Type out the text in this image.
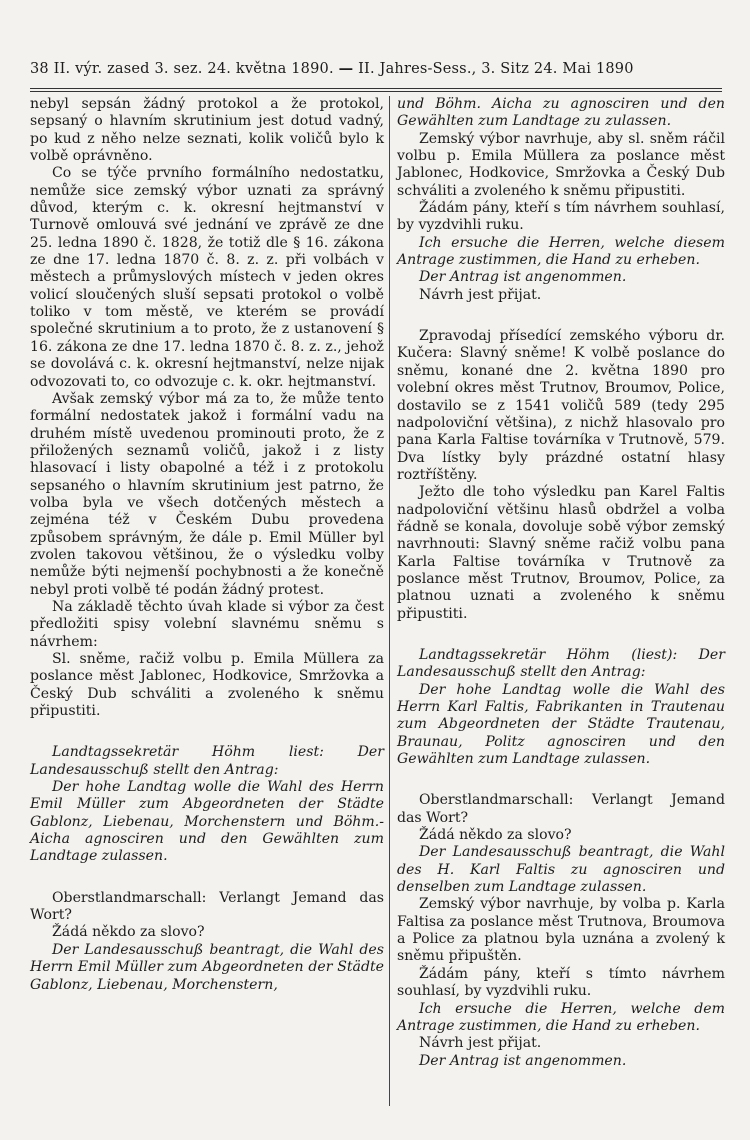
38 II. výr. zased 3. sez. 24. května 1890. — II. Jahres-Sess., 3. Sitz 24. Mai 1890

nebyl sepsán žádný protokol a že protokol, sepsaný o hlavním skrutinium jest dotud vadný, po kud z něho nelze seznati, kolik voličů bylo k volbě oprávněno.

Co se týče prvního formálního nedostatku, nemůže sice zemský výbor uznati za správný důvod, kterým c. k. okresní hejtmanství v Turnově omlouvá své jednání ve zprávě ze dne 25. ledna 1890 č. 1828, že totiž dle § 16. zákona ze dne 17. ledna 1870 č. 8. z. z. při volbách v městech a průmyslových místech v jeden okres volicí sloučených sluší sepsati protokol o volbě toliko v tom městě, ve kterém se provádí společné skrutinium a to proto, že z ustanovení § 16. zákona ze dne 17. ledna 1870 č. 8. z. z., jehož se dovolává c. k. okresní hejtmanství, nelze nijak odvozovati to, co odvozuje c. k. okr. hejtmanství.

Avšak zemský výbor má za to, že může tento formální nedostatek jakož i formální vadu na druhém místě uvedenou prominouti proto, že z přiložených seznamů voličů, jakož i z listy hlasovací i listy obapolné a též i z protokolu sepsaného o hlavním skrutinium jest patrno, že volba byla ve všech dotčených městech a zejména též v Českém Dubu provedena způsobem správným, že dále p. Emil Müller byl zvolen takovou většinou, že o výsledku volby nemůže býti nejmenší pochybnosti a že konečně nebyl proti volbě té podán žádný protest.

Na základě těchto úvah klade si výbor za čest předložiti spisy volební slavnému sněmu s návrhem:

Sl. sněme, račiž volbu p. Emila Müllera za poslance měst Jablonec, Hodkovice, Smržovka a Český Dub schváliti a zvoleného k sněmu připustiti.

Landtagssekretär Höhm liest: Der Landesausschuß stellt den Antrag:

Der hohe Landtag wolle die Wahl des Herrn Emil Müller zum Abgeordneten der Städte Gablonz, Liebenau, Morchenstern und Böhm.-Aicha agnosciren und den Gewählten zum Landtage zulassen.

Oberstlandmarschall: Verlangt Jemand das Wort?

Žádá někdo za slovo?

Der Landesausschuß beantragt, die Wahl des Herrn Emil Müller zum Abgeordneten der Städte Gablonz, Liebenau, Morchenstern,

und Böhm. Aicha zu agnosciren und den Gewählten zum Landtage zu zulassen.

Zemský výbor navrhuje, aby sl. sněm ráčil volbu p. Emila Müllera za poslance měst Jablonec, Hodkovice, Smržovka a Český Dub schváliti a zvoleného k sněmu připustiti.

Žádám pány, kteří s tím návrhem souhlasí, by vyzdvihli ruku.

Ich ersuche die Herren, welche diesem Antrage zustimmen, die Hand zu erheben.

Der Antrag ist angenommen.

Návrh jest přijat.

Zpravodaj přísedící zemského výboru dr. Kučera: Slavný sněme! K volbě poslance do sněmu, konané dne 2. května 1890 pro volební okres měst Trutnov, Broumov, Police, dostavilo se z 1541 voličů 589 (tedy 295 nadpoloviční většina), z nichž hlasovalo pro pana Karla Faltise továrníka v Trutnově, 579. Dva lístky byly prázdné ostatní hlasy roztříštěny.

Ježto dle toho výsledku pan Karel Faltis nadpoloviční většinu hlasů obdržel a volba řádně se konala, dovoluje sobě výbor zemský navrhnouti: Slavný sněme račiž volbu pana Karla Faltise továrníka v Trutnově za poslance měst Trutnov, Broumov, Police, za platnou uznati a zvoleného k sněmu připustiti.

Landtagssekretär Höhm (liest): Der Landesausschuß stellt den Antrag:

Der hohe Landtag wolle die Wahl des Herrn Karl Faltis, Fabrikanten in Trautenau zum Abgeordneten der Städte Trautenau, Braunau, Politz agnosciren und den Gewählten zum Landtage zulassen.

Oberstlandmarschall: Verlangt Jemand das Wort?

Žádá někdo za slovo?

Der Landesausschuß beantragt, die Wahl des H. Karl Faltis zu agnosciren und denselben zum Landtage zulassen.

Zemský výbor navrhuje, by volba p. Karla Faltisa za poslance měst Trutnova, Broumova a Police za platnou byla uznána a zvolený k sněmu připuštěn.

Žádám pány, kteří s tímto návrhem souhlasí, by vyzdvihli ruku.

Ich ersuche die Herren, welche dem Antrage zustimmen, die Hand zu erheben.

Návrh jest přijat.

Der Antrag ist angenommen.
